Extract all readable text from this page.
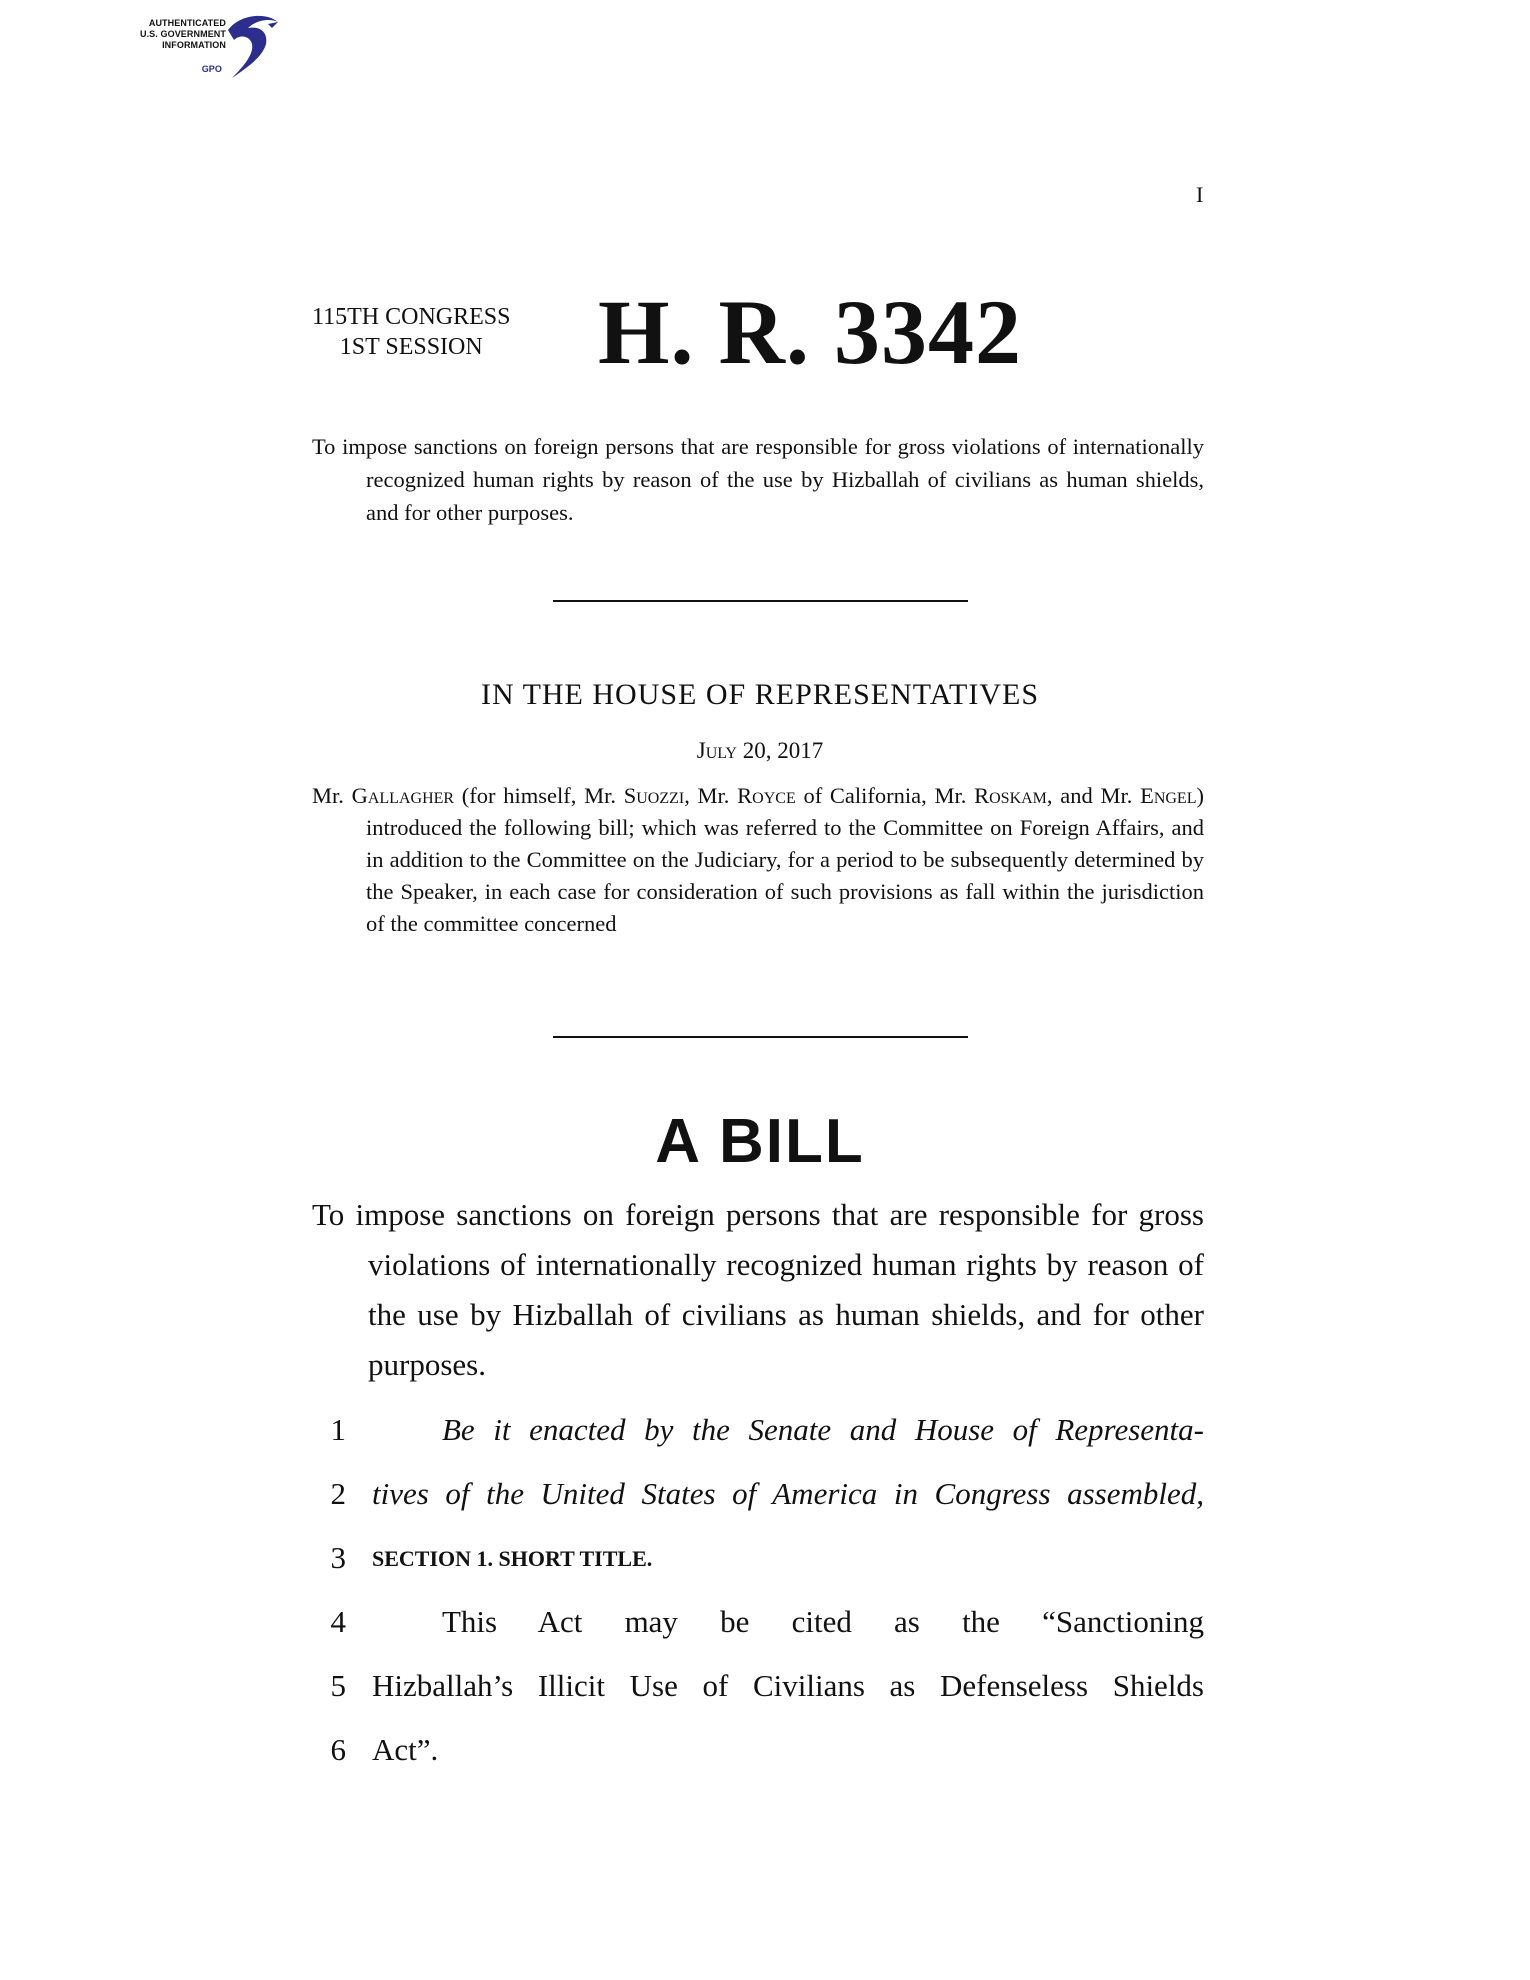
AUTHENTICATED
U.S. GOVERNMENT
INFORMATION
GPO
I
115TH CONGRESS
1ST SESSION	H. R. 3342
To impose sanctions on foreign persons that are responsible for gross violations of internationally recognized human rights by reason of the use by Hizballah of civilians as human shields, and for other purposes.
IN THE HOUSE OF REPRESENTATIVES
July 20, 2017
Mr. Gallagher (for himself, Mr. Suozzi, Mr. Royce of California, Mr. Roskam, and Mr. Engel) introduced the following bill; which was referred to the Committee on Foreign Affairs, and in addition to the Committee on the Judiciary, for a period to be subsequently determined by the Speaker, in each case for consideration of such provisions as fall within the jurisdiction of the committee concerned
A BILL
To impose sanctions on foreign persons that are responsible for gross violations of internationally recognized human rights by reason of the use by Hizballah of civilians as human shields, and for other purposes.
1	Be it enacted by the Senate and House of Representa-
2 tives of the United States of America in Congress assembled,
3 SECTION 1. SHORT TITLE.
4	This Act may be cited as the “Sanctioning
5 Hizballah’s Illicit Use of Civilians as Defenseless Shields
6 Act”.
